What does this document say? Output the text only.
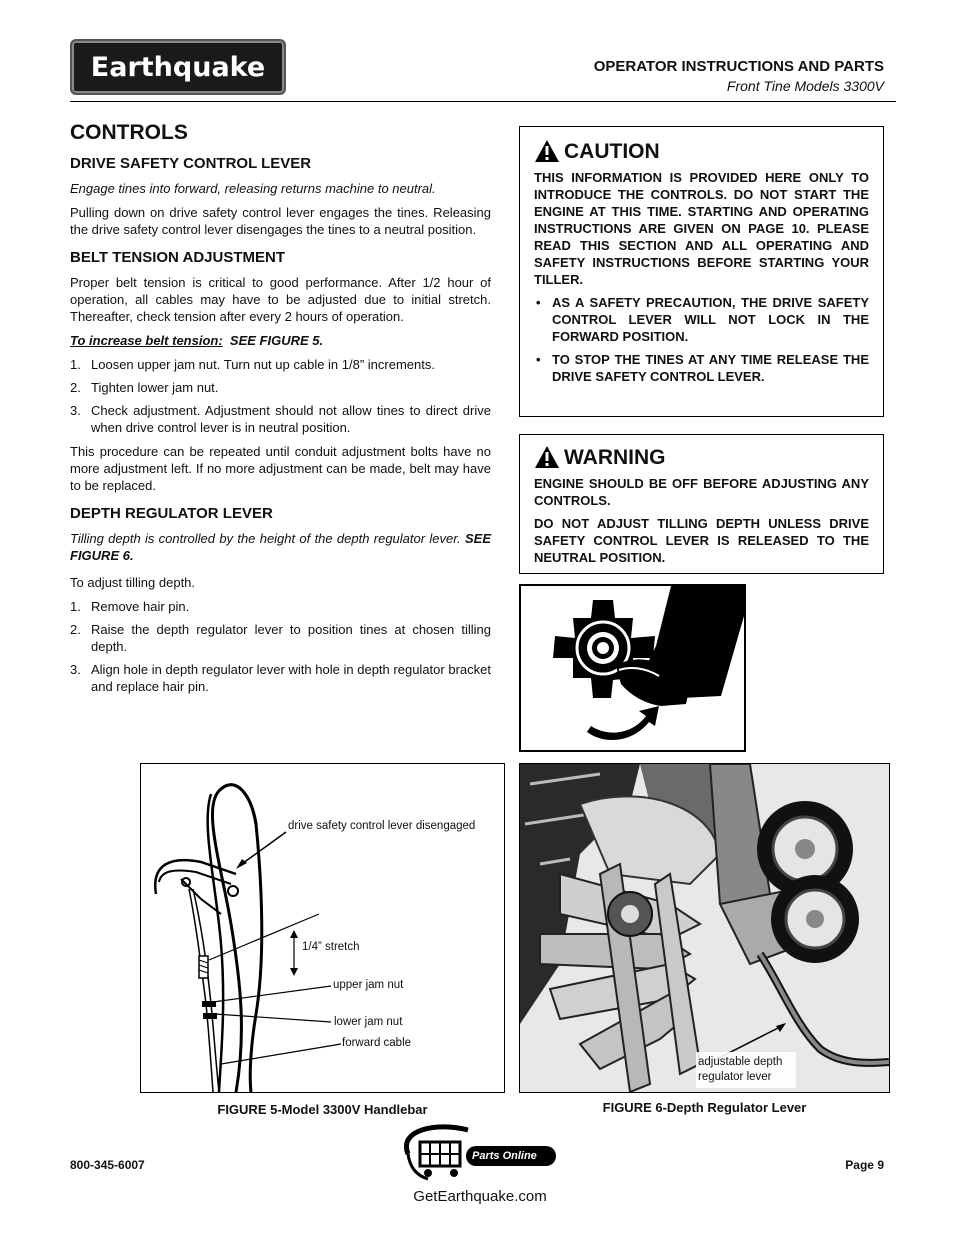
Earthquake	OPERATOR INSTRUCTIONS AND PARTS
Front Tine Models 3300V
CONTROLS
DRIVE SAFETY CONTROL LEVER

Engage tines into forward, releasing returns machine to neutral.

Pulling down on drive safety control lever engages the tines. Releasing the drive safety control lever disengages the tines to a neutral position.

BELT TENSION ADJUSTMENT

Proper belt tension is critical to good performance. After 1/2 hour of operation, all cables may have to be adjusted due to initial stretch. Thereafter, check tension after every 2 hours of operation.

To increase belt tension: SEE FIGURE 5.

1. Loosen upper jam nut. Turn nut up cable in 1/8” increments.
2. Tighten lower jam nut.
3. Check adjustment. Adjustment should not allow tines to direct drive when drive control lever is in neutral position.

This procedure can be repeated until conduit adjustment bolts have no more adjustment left. If no more adjustment can be made, belt may have to be replaced.

DEPTH REGULATOR LEVER

Tilling depth is controlled by the height of the depth regulator lever. SEE FIGURE 6.

To adjust tilling depth.

1. Remove hair pin.
2. Raise the depth regulator lever to position tines at chosen tilling depth.
3. Align hole in depth regulator lever with hole in depth regulator bracket and replace hair pin.
CAUTION

THIS INFORMATION IS PROVIDED HERE ONLY TO INTRODUCE THE CONTROLS. DO NOT START THE ENGINE AT THIS TIME. STARTING AND OPERATING INSTRUCTIONS ARE GIVEN ON PAGE 10. PLEASE READ THIS SECTION AND ALL OPERATING AND SAFETY INSTRUCTIONS BEFORE STARTING YOUR TILLER.

• AS A SAFETY PRECAUTION, THE DRIVE SAFETY CONTROL LEVER WILL NOT LOCK IN THE FORWARD POSITION.
• TO STOP THE TINES AT ANY TIME RELEASE THE DRIVE SAFETY CONTROL LEVER.
WARNING

ENGINE SHOULD BE OFF BEFORE ADJUSTING ANY CONTROLS.

DO NOT ADJUST TILLING DEPTH UNLESS DRIVE SAFETY CONTROL LEVER IS RELEASED TO THE NEUTRAL POSITION.

drive safety control lever disengaged
1/4” stretch
upper jam nut
lower jam nut
forward cable
FIGURE 5-Model 3300V Handlebar
adjustable depth
regulator lever
FIGURE 6-Depth Regulator Lever
800-345-6007	Page 9
Parts Online
GetEarthquake.com
